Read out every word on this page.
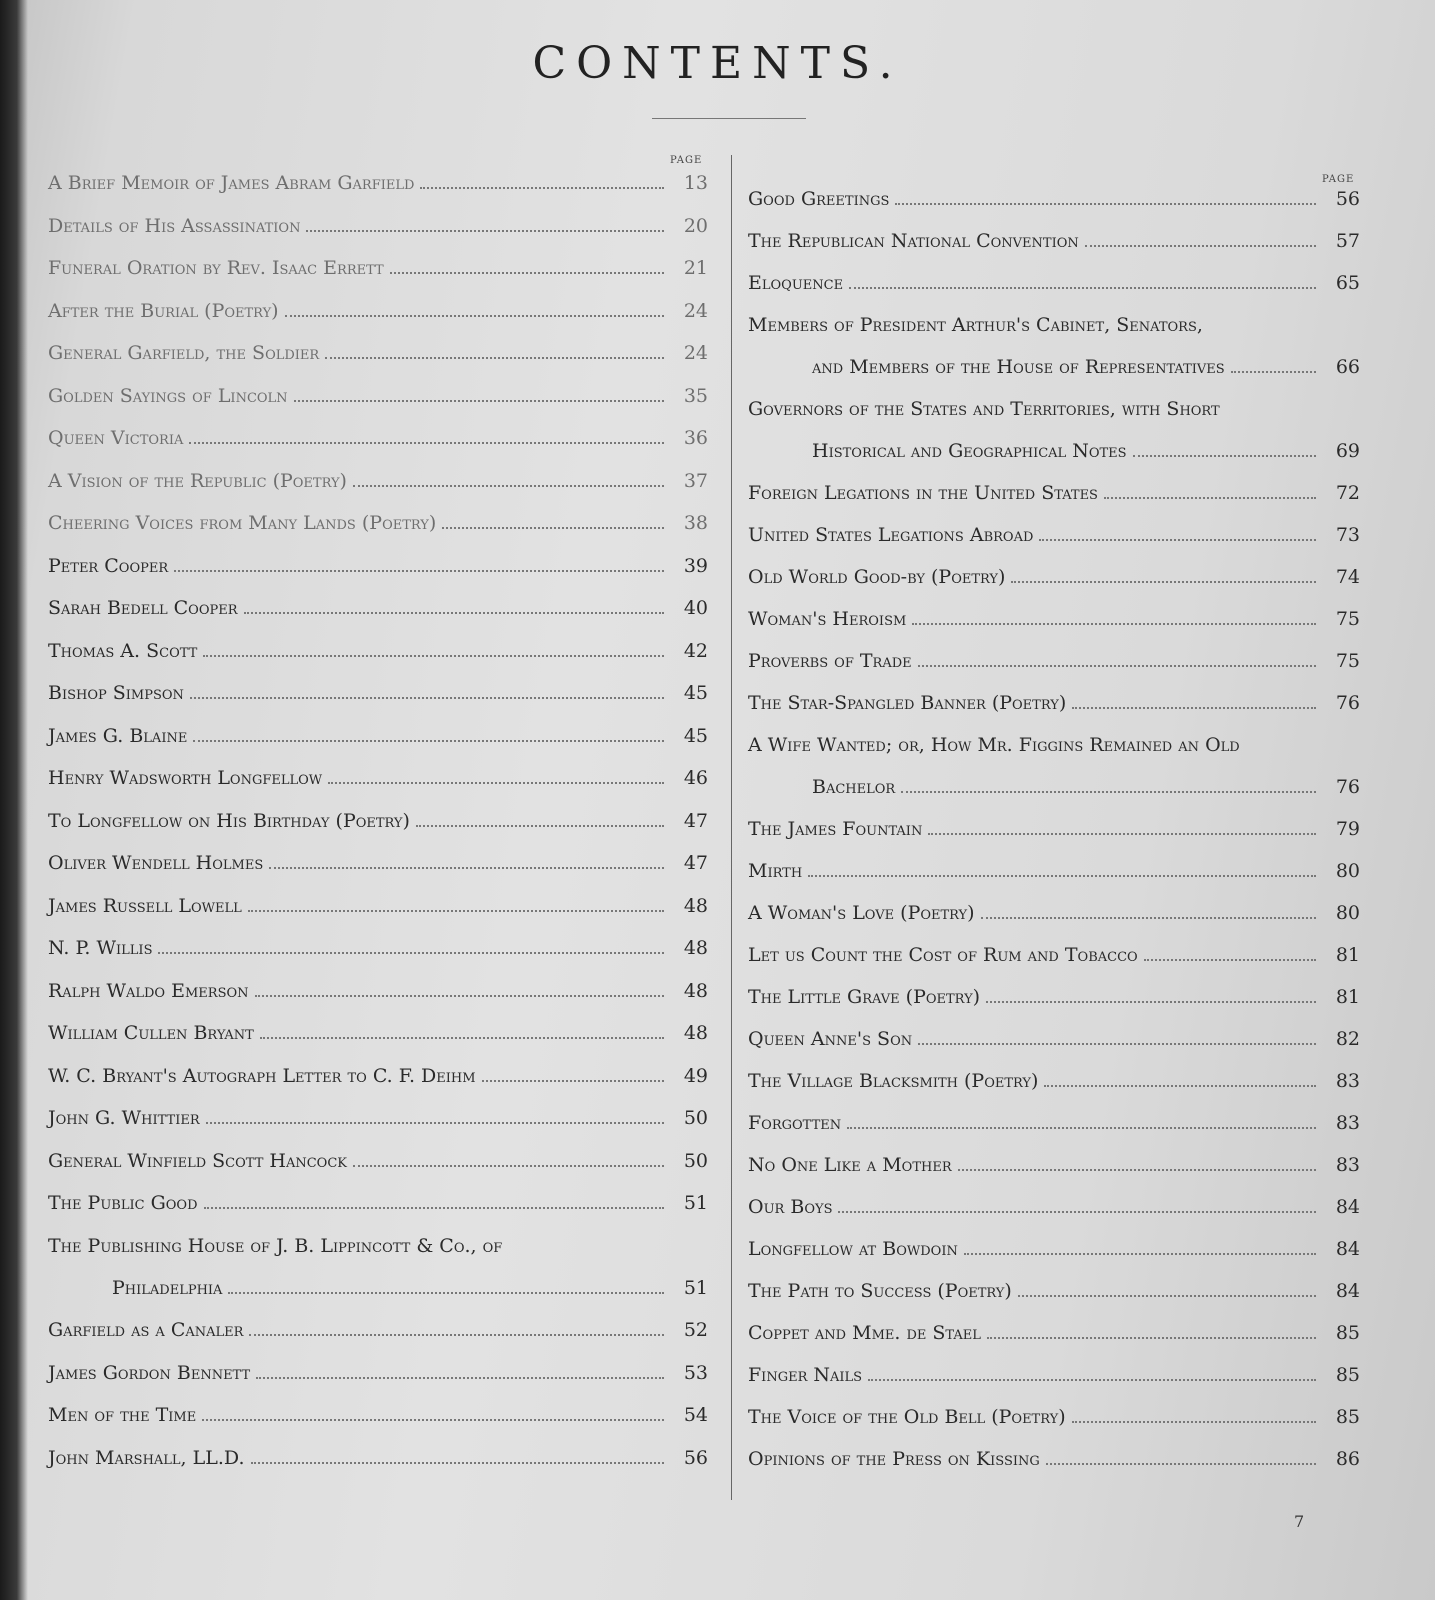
CONTENTS.
PAGE
PAGE
A Brief Memoir of James Abram Garfield	13
Details of His Assassination	20
Funeral Oration by Rev. Isaac Errett	21
After the Burial (Poetry)	24
General Garfield, the Soldier	24
Golden Sayings of Lincoln	35
Queen Victoria	36
A Vision of the Republic (Poetry)	37
Cheering Voices from Many Lands (Poetry)	38
Peter Cooper	39
Sarah Bedell Cooper	40
Thomas A. Scott	42
Bishop Simpson	45
James G. Blaine	45
Henry Wadsworth Longfellow	46
To Longfellow on His Birthday (Poetry)	47
Oliver Wendell Holmes	47
James Russell Lowell	48
N. P. Willis	48
Ralph Waldo Emerson	48
William Cullen Bryant	48
W. C. Bryant's Autograph Letter to C. F. Deihm	49
John G. Whittier	50
General Winfield Scott Hancock	50
The Public Good	51
The Publishing House of J. B. Lippincott & Co., of
Philadelphia	51
Garfield as a Canaler	52
James Gordon Bennett	53
Men of the Time	54
John Marshall, LL.D.	56
Good Greetings	56
The Republican National Convention	57
Eloquence	65
Members of President Arthur's Cabinet, Senators,
and Members of the House of Representatives	66
Governors of the States and Territories, with Short
Historical and Geographical Notes	69
Foreign Legations in the United States	72
United States Legations Abroad	73
Old World Good-by (Poetry)	74
Woman's Heroism	75
Proverbs of Trade	75
The Star-Spangled Banner (Poetry)	76
A Wife Wanted; or, How Mr. Figgins Remained an Old
Bachelor	76
The James Fountain	79
Mirth	80
A Woman's Love (Poetry)	80
Let us Count the Cost of Rum and Tobacco	81
The Little Grave (Poetry)	81
Queen Anne's Son	82
The Village Blacksmith (Poetry)	83
Forgotten	83
No One Like a Mother	83
Our Boys	84
Longfellow at Bowdoin	84
The Path to Success (Poetry)	84
Coppet and Mme. de Stael	85
Finger Nails	85
The Voice of the Old Bell (Poetry)	85
Opinions of the Press on Kissing	86
7
